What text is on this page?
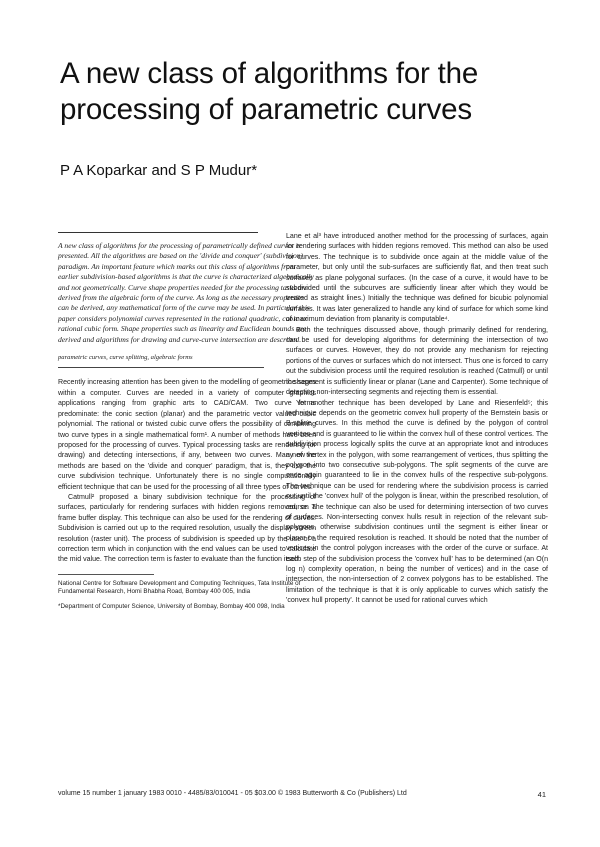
A new class of algorithms for the processing of parametric curves
P A Koparkar and S P Mudur*

A new class of algorithms for the processing of parametrically defined curves is presented. All the algorithms are based on the 'divide and conquer' (subdivision) paradigm. An important feature which marks out this class of algorithms from earlier subdivision-based algorithms is that the curve is characterized algebraically and not geometrically. Curve shape properties needed for the processing tasks are derived from the algebraic form of the curve. As long as the necessary properties can be derived, any mathematical form of the curve may be used. In particular this paper considers polynomial curves represented in the rational quadratic, cubic or rational cubic form. Shape properties such as linearity and Euclidean bounds are derived and algorithms for drawing and curve-curve intersection are described.

parametric curves, curve splitting, algebraic forms

Recently increasing attention has been given to the modelling of geometric shapes within a computer. Curves are needed in a variety of computer graphics applications ranging from graphic arts to CAD/CAM. Two curve forms predominate: the conic section (planar) and the parametric vector valued cubic polynomial. The rational or twisted cubic curve offers the possibility of combining two curve types in a single mathematical form¹. A number of methods have been proposed for the processing of curves. Typical processing tasks are rendering (or drawing) and detecting intersections, if any, between two curves. Many of the methods are based on the 'divide and conquer' paradigm, that is, they use the curve subdivision technique. Unfortunately there is no single computationally efficient technique that can be used for the processing of all three types of curves.

Catmull² proposed a binary subdivision technique for the processing of surfaces, particularly for rendering surfaces with hidden regions removed, on a frame buffer display. This technique can also be used for the rendering of curves. Subdivision is carried out up to the required resolution, usually the display screen resolution (raster unit). The process of subdivision is speeded up by the use of a correction term which in conjunction with the end values can be used to calculate the mid value. The correction term is faster to evaluate than the function itself.

National Centre for Software Development and Computing Techniques, Tata Institute of Fundamental Research, Homi Bhabha Road, Bombay 400 005, India

*Department of Computer Science, University of Bombay, Bombay 400 098, India

Lane et al³ have introduced another method for the processing of surfaces, again for rendering surfaces with hidden regions removed. This method can also be used for curves. The technique is to subdivide once again at the middle value of the parameter, but only until the sub-surfaces are sufficiently flat, and then treat such surfaces as plane polygonal surfaces. (In the case of a curve, it would have to be subdivided until the subcurves are sufficiently linear after which they would be treated as straight lines.) Initially the technique was defined for bicubic polynomial surfaces. It was later generalized to handle any kind of surface for which some kind of maximum deviation from planarity is computable⁴.

Both the techniques discussed above, though primarily defined for rendering, can be used for developing algorithms for determining the intersection of two surfaces or curves. However, they do not provide any mechanism for rejecting portions of the curves or surfaces which do not intersect. Thus one is forced to carry out the subdivision process until the required resolution is reached (Catmull) or until the segment is sufficiently linear or planar (Lane and Carpenter). Some technique of detecting non-intersecting segments and rejecting them is essential.

Yet another technique has been developed by Lane and Riesenfeld⁵; this technique depends on the geometric convex hull property of the Bernstein basis or B-spline curves. In this method the curve is defined by the polygon of control vertices and is guaranteed to lie within the convex hull of these control vertices. The subdivision process logically splits the curve at an appropriate knot and introduces a new vertex in the polygon, with some rearrangement of vertices, thus splitting the polygon into two consecutive sub-polygons. The split segments of the curve are once again guaranteed to lie in the convex hulls of the respective sub-polygons. The technique can be used for rendering where the subdivision process is carried out until the 'convex hull' of the polygon is linear, within the prescribed resolution, of course. The technique can also be used for determining intersection of two curves of surfaces. Non-intersecting convex hulls result in rejection of the relevant sub-polygons, otherwise subdivision continues until the segment is either linear or planar or the required resolution is reached. It should be noted that the number of vertices in the control polygon increases with the order of the curve or surface. At each step of the subdivision process the 'convex hull' has to be determined (an O(n log n) complexity operation, n being the number of vertices) and in the case of intersection, the non-intersection of 2 convex polygons has to be established. The limitation of the technique is that it is only applicable to curves which satisfy the 'convex hull property'. It cannot be used for rational curves which

volume 15 number 1 january 1983 0010 - 4485/83/010041 - 05 $03.00 © 1983 Butterworth & Co (Publishers) Ltd	41
